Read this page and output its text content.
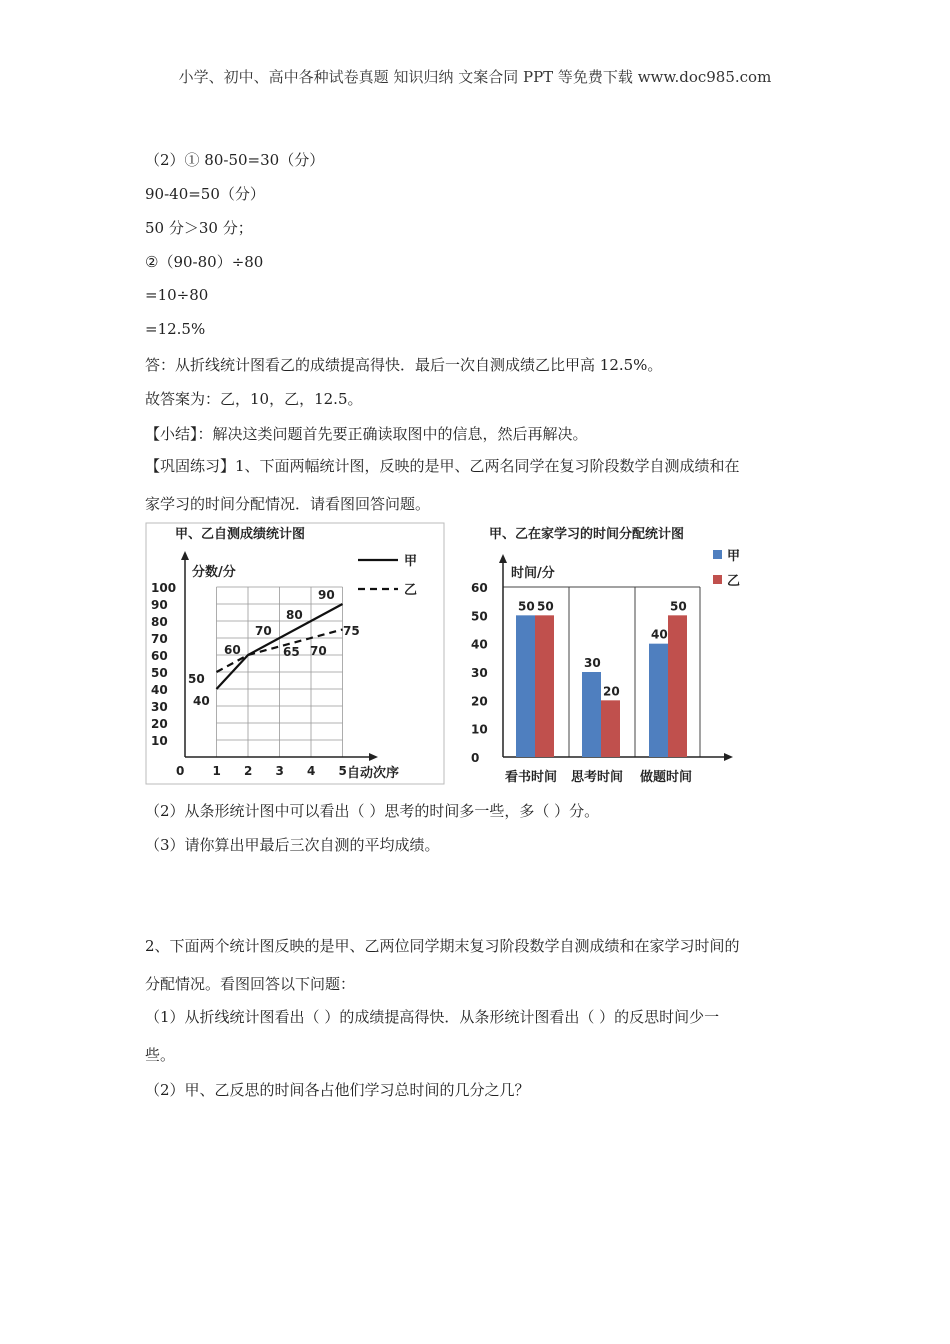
小学、初中、高中各种试卷真题 知识归纳 文案合同 PPT 等免费下载 www.doc985.com
（2）① 80-50=30（分）
90-40=50（分）
50 分＞30 分；
②（90-80）÷80
=10÷80
=12.5%
答：从折线统计图看乙的成绩提高得快．最后一次自测成绩乙比甲高 12.5%。
故答案为：乙，10，乙，12.5。
【小结】：解决这类问题首先要正确读取图中的信息，然后再解决。
【巩固练习】1、下面两幅统计图，反映的是甲、乙两名同学在复习阶段数学自测成绩和在
家学习的时间分配情况．请看图回答问题。
甲、乙自测成绩统计图
分数/分
自动次序
10
20
30
40
50
60
70
80
90
100
0 1 2 3 4 5
50
40
60
70
65
80
70
90
75
甲
乙
甲、乙在家学习的时间分配统计图
时间/分
0
10
20
30
40
50
60
50 50
看书时间
30
20
思考时间
40
50
做题时间
甲
乙
（2）从条形统计图中可以看出（ ）思考的时间多一些，多（ ）分。
（3）请你算出甲最后三次自测的平均成绩。
2、下面两个统计图反映的是甲、乙两位同学期末复习阶段数学自测成绩和在家学习时间的
分配情况。看图回答以下问题：
（1）从折线统计图看出（ ）的成绩提高得快．从条形统计图看出（ ）的反思时间少一
些。
（2）甲、乙反思的时间各占他们学习总时间的几分之几？
